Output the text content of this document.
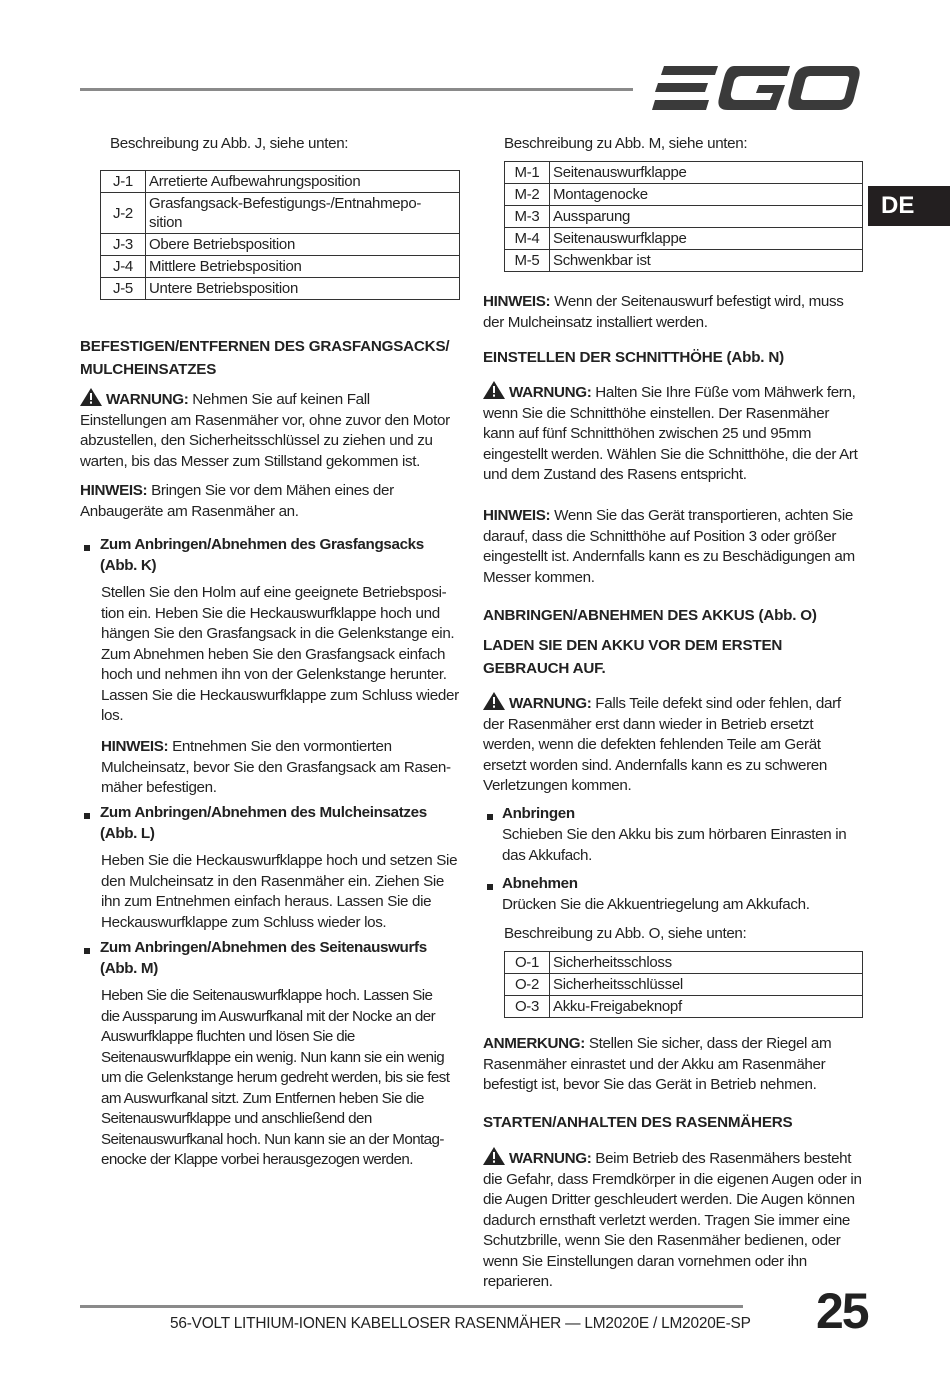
DE

Beschreibung zu Abb. J, siehe unten:

J-1	Arretierte Aufbewahrungsposition
J-2	Grasfangsack-Befestigungs-/Entnahmepo-
sition
J-3	Obere Betriebsposition
J-4	Mittlere Betriebsposition
J-5	Untere Betriebsposition

BEFESTIGEN/ENTFERNEN DES GRASFANGSACKS/ MULCHEINSATZES

WARNUNG: Nehmen Sie auf keinen Fall Einstellungen am Rasenmäher vor, ohne zuvor den Motor abzustellen, den Sicherheitsschlüssel zu ziehen und zu warten, bis das Messer zum Stillstand gekommen ist.

HINWEIS: Bringen Sie vor dem Mähen eines der Anbaugeräte am Rasenmäher an.

Zum Anbringen/Abnehmen des Grasfangsacks (Abb. K)

Stellen Sie den Holm auf eine geeignete Betriebsposi-tion ein. Heben Sie die Heckauswurfklappe hoch und hängen Sie den Grasfangsack in die Gelenkstange ein. Zum Abnehmen heben Sie den Grasfangsack einfach hoch und nehmen ihn von der Gelenkstange herunter. Lassen Sie die Heckauswurfklappe zum Schluss wieder los.

HINWEIS: Entnehmen Sie den vormontierten Mulcheinsatz, bevor Sie den Grasfangsack am Rasen-mäher befestigen.

Zum Anbringen/Abnehmen des Mulcheinsatzes (Abb. L)

Heben Sie die Heckauswurfklappe hoch und setzen Sie den Mulcheinsatz in den Rasenmäher ein. Ziehen Sie ihn zum Entnehmen einfach heraus. Lassen Sie die Heckauswurfklappe zum Schluss wieder los.

Zum Anbringen/Abnehmen des Seitenauswurfs (Abb. M)

Heben Sie die Seitenauswurfklappe hoch. Lassen Sie die Aussparung im Auswurfkanal mit der Nocke an der Auswurfklappe fluchten und lösen Sie die Seitenauswurfklappe ein wenig. Nun kann sie ein wenig um die Gelenkstange herum gedreht werden, bis sie fest am Auswurfkanal sitzt. Zum Entfernen heben Sie die Seitenauswurfklappe und anschließend den Seitenauswurfkanal hoch. Nun kann sie an der Montag-enocke der Klappe vorbei herausgezogen werden.

Beschreibung zu Abb. M, siehe unten:

M-1	Seitenauswurfklappe
M-2	Montagenocke
M-3	Aussparung
M-4	Seitenauswurfklappe
M-5	Schwenkbar ist

HINWEIS: Wenn der Seitenauswurf befestigt wird, muss der Mulcheinsatz installiert werden.

EINSTELLEN DER SCHNITTHÖHE (Abb. N)

WARNUNG: Halten Sie Ihre Füße vom Mähwerk fern, wenn Sie die Schnitthöhe einstellen. Der Rasenmäher kann auf fünf Schnitthöhen zwischen 25 und 95mm eingestellt werden. Wählen Sie die Schnitthöhe, die der Art und dem Zustand des Rasens entspricht.

HINWEIS: Wenn Sie das Gerät transportieren, achten Sie darauf, dass die Schnitthöhe auf Position 3 oder größer eingestellt ist. Andernfalls kann es zu Beschädigungen am Messer kommen.

ANBRINGEN/ABNEHMEN DES AKKUS (Abb. O)

LADEN SIE DEN AKKU VOR DEM ERSTEN GEBRAUCH AUF.

WARNUNG: Falls Teile defekt sind oder fehlen, darf der Rasenmäher erst dann wieder in Betrieb ersetzt werden, wenn die defekten fehlenden Teile am Gerät ersetzt worden sind. Andernfalls kann es zu schweren Verletzungen kommen.

Anbringen

Schieben Sie den Akku bis zum hörbaren Einrasten in das Akkufach.

Abnehmen

Drücken Sie die Akkuentriegelung am Akkufach.

Beschreibung zu Abb. O, siehe unten:

O-1	Sicherheitsschloss
O-2	Sicherheitsschlüssel
O-3	Akku-Freigabeknopf

ANMERKUNG: Stellen Sie sicher, dass der Riegel am Rasenmäher einrastet und der Akku am Rasenmäher befestigt ist, bevor Sie das Gerät in Betrieb nehmen.

STARTEN/ANHALTEN DES RASENMÄHERS

WARNUNG: Beim Betrieb des Rasenmähers besteht die Gefahr, dass Fremdkörper in die eigenen Augen oder in die Augen Dritter geschleudert werden. Die Augen können dadurch ernsthaft verletzt werden. Tragen Sie immer eine Schutzbrille, wenn Sie den Rasenmäher bedienen, oder wenn Sie Einstellungen daran vornehmen oder ihn reparieren.

56-VOLT LITHIUM-IONEN KABELLOSER RASENMÄHER — LM2020E / LM2020E-SP 25
